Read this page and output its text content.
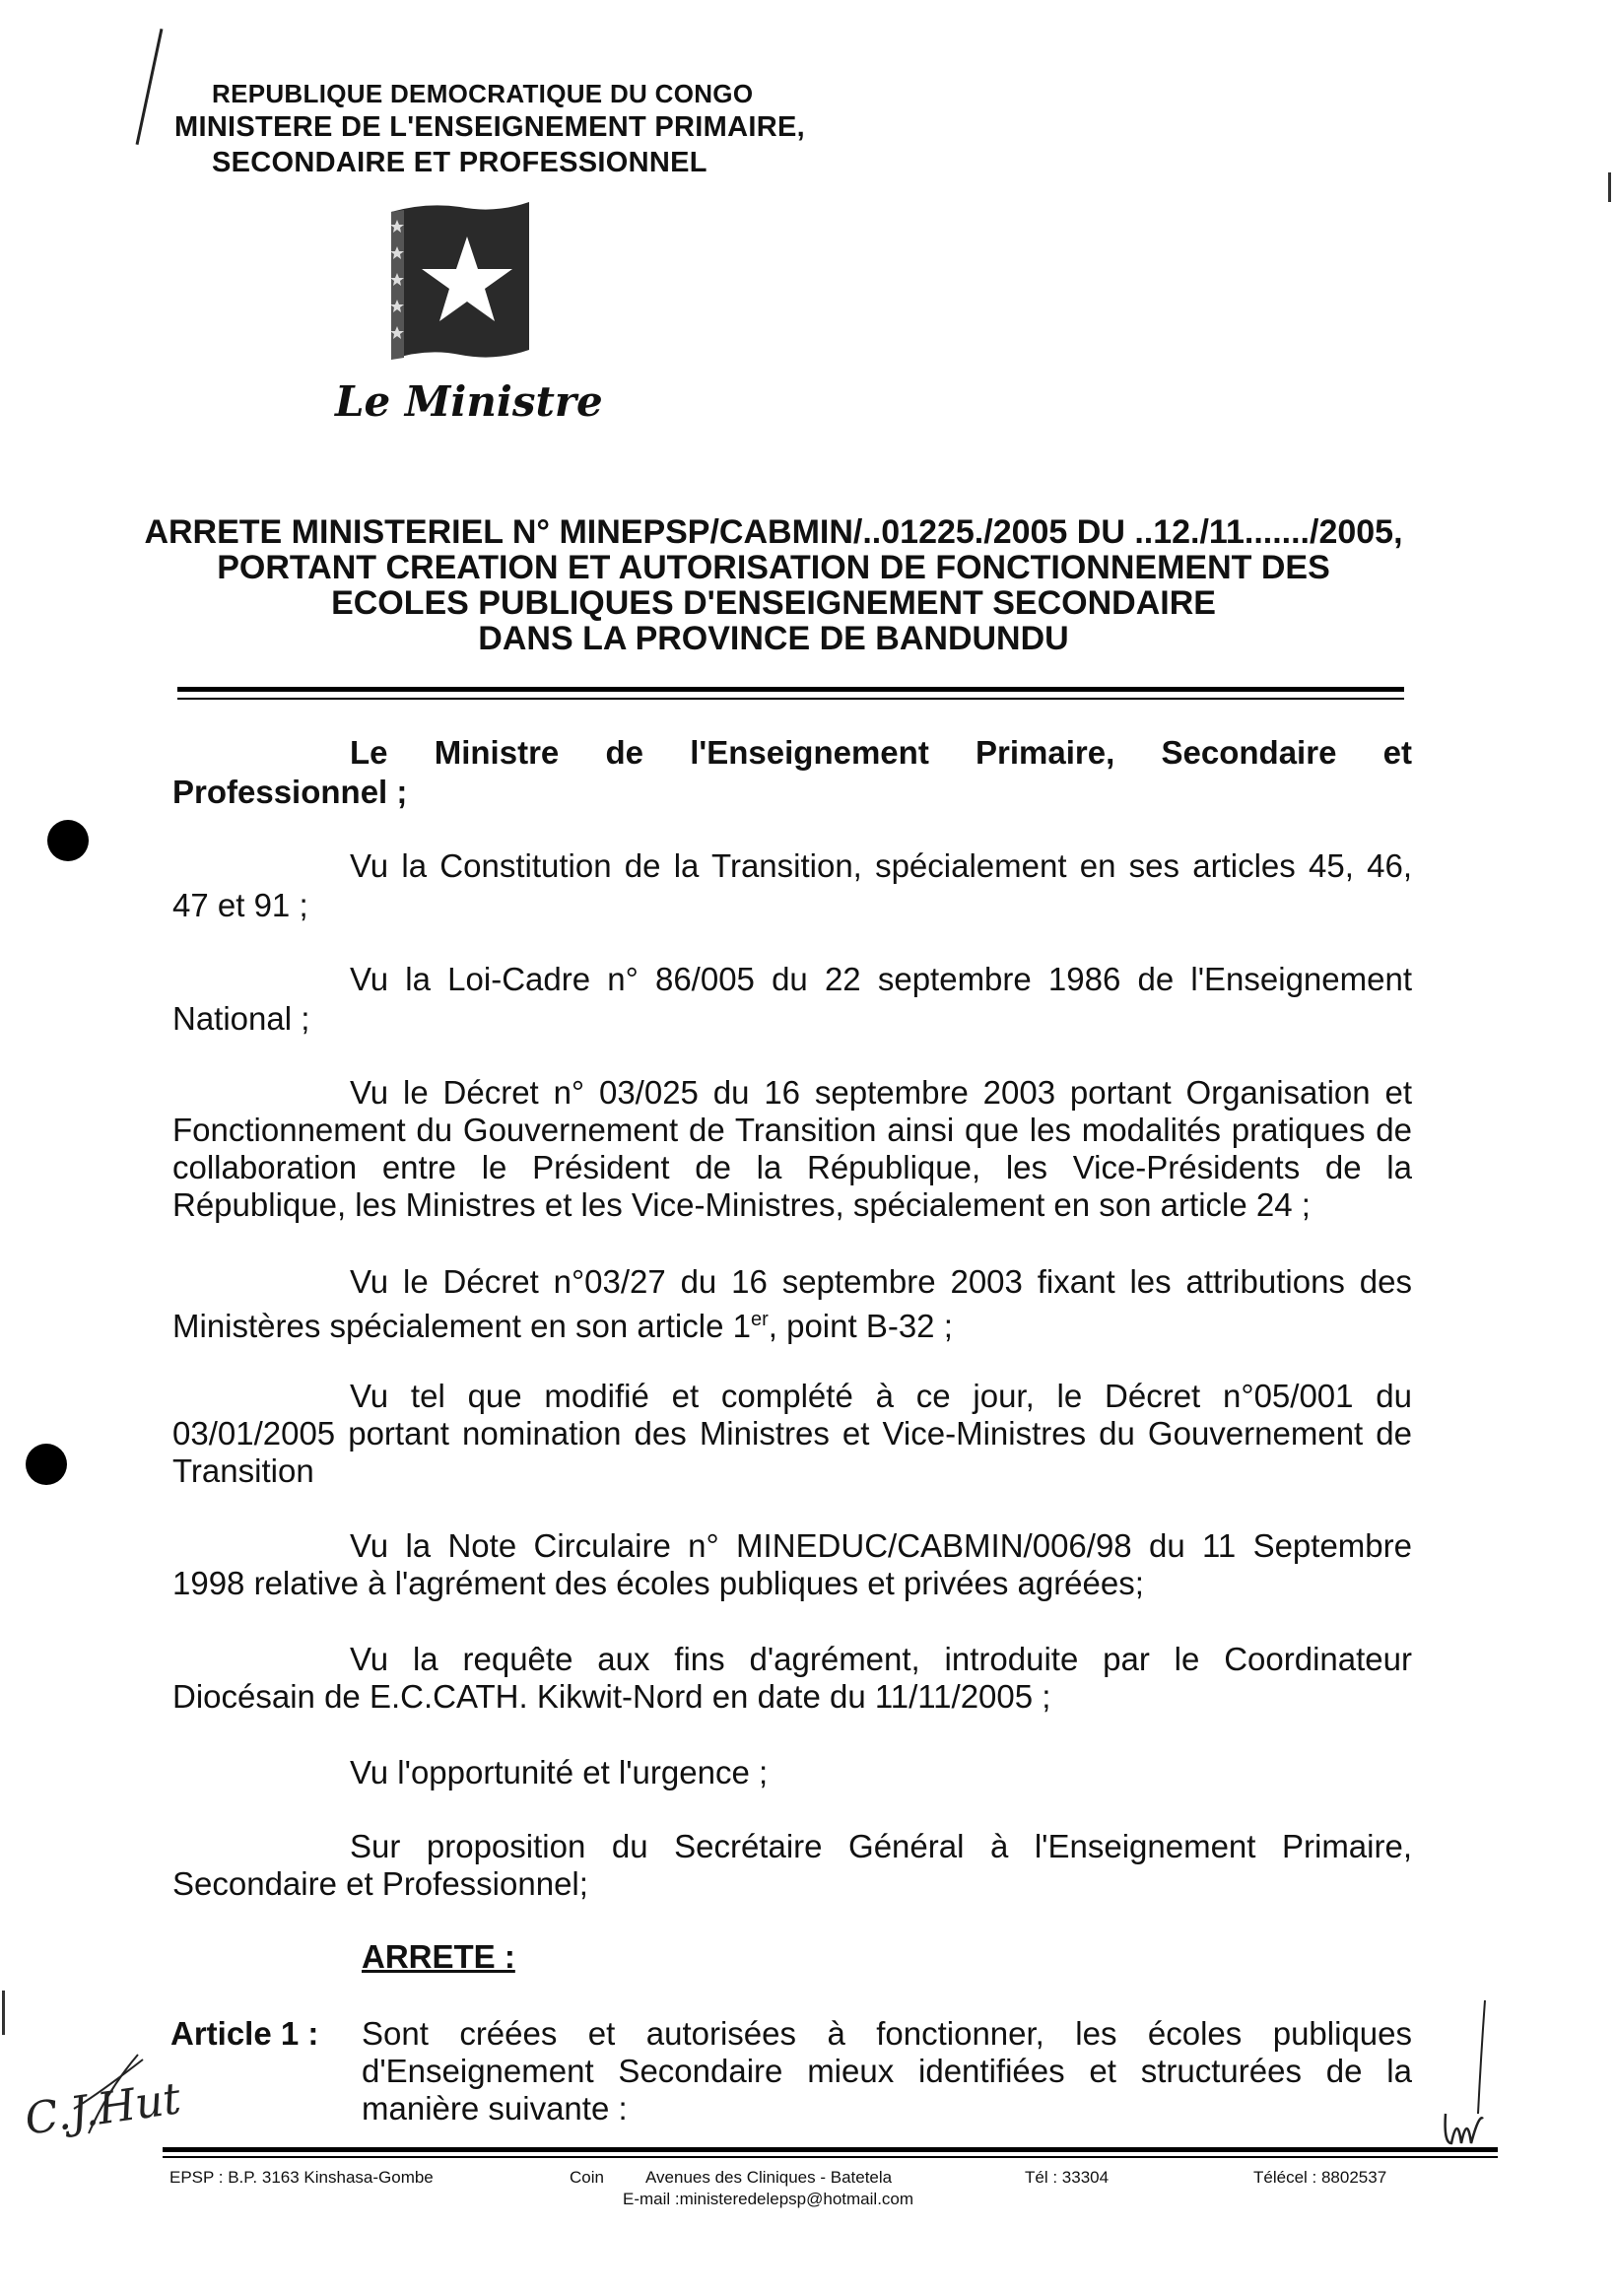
REPUBLIQUE DEMOCRATIQUE DU CONGO
MINISTERE DE L'ENSEIGNEMENT PRIMAIRE,
SECONDAIRE ET PROFESSIONNEL
Le Ministre
ARRETE MINISTERIEL N° MINEPSP/CABMIN/..01225./2005 DU ..12./11......./2005,
PORTANT CREATION ET AUTORISATION DE FONCTIONNEMENT DES
ECOLES PUBLIQUES D'ENSEIGNEMENT SECONDAIRE
DANS LA PROVINCE DE BANDUNDU
Le Ministre de l'Enseignement Primaire, Secondaire et
Professionnel ;
Vu la Constitution de la Transition, spécialement en ses articles 45, 46,
47 et 91 ;
Vu la Loi-Cadre n° 86/005 du 22 septembre 1986 de l'Enseignement
National ;
Vu le Décret n° 03/025 du 16 septembre 2003 portant Organisation et Fonctionnement du Gouvernement de Transition ainsi que les modalités pratiques de collaboration entre le Président de la République, les Vice-Présidents de la République, les Ministres et les Vice-Ministres, spécialement en son article 24 ;
Vu le Décret n°03/27 du 16 septembre 2003 fixant les attributions des Ministères spécialement en son article 1er, point B-32 ;
Vu tel que modifié et complété à ce jour, le Décret n°05/001 du 03/01/2005 portant nomination des Ministres et Vice-Ministres du Gouvernement de Transition
Vu la Note Circulaire n° MINEDUC/CABMIN/006/98 du 11 Septembre 1998 relative à l'agrément des écoles publiques et privées agréées;
Vu la requête aux fins d'agrément, introduite par le Coordinateur Diocésain de E.C.CATH. Kikwit-Nord en date du 11/11/2005 ;
Vu l'opportunité et l'urgence ;
Sur proposition du Secrétaire Général à l'Enseignement Primaire, Secondaire et Professionnel;
ARRETE :
Article 1 : Sont créées et autorisées à fonctionner, les écoles publiques d'Enseignement Secondaire mieux identifiées et structurées de la manière suivante :
C.J.Hut
EPSP : B.P. 3163 Kinshasa-Gombe	Coin Avenues des Cliniques - Batetela	Tél : 33304	Télécel : 8802537
E-mail :ministeredelepsp@hotmail.com
